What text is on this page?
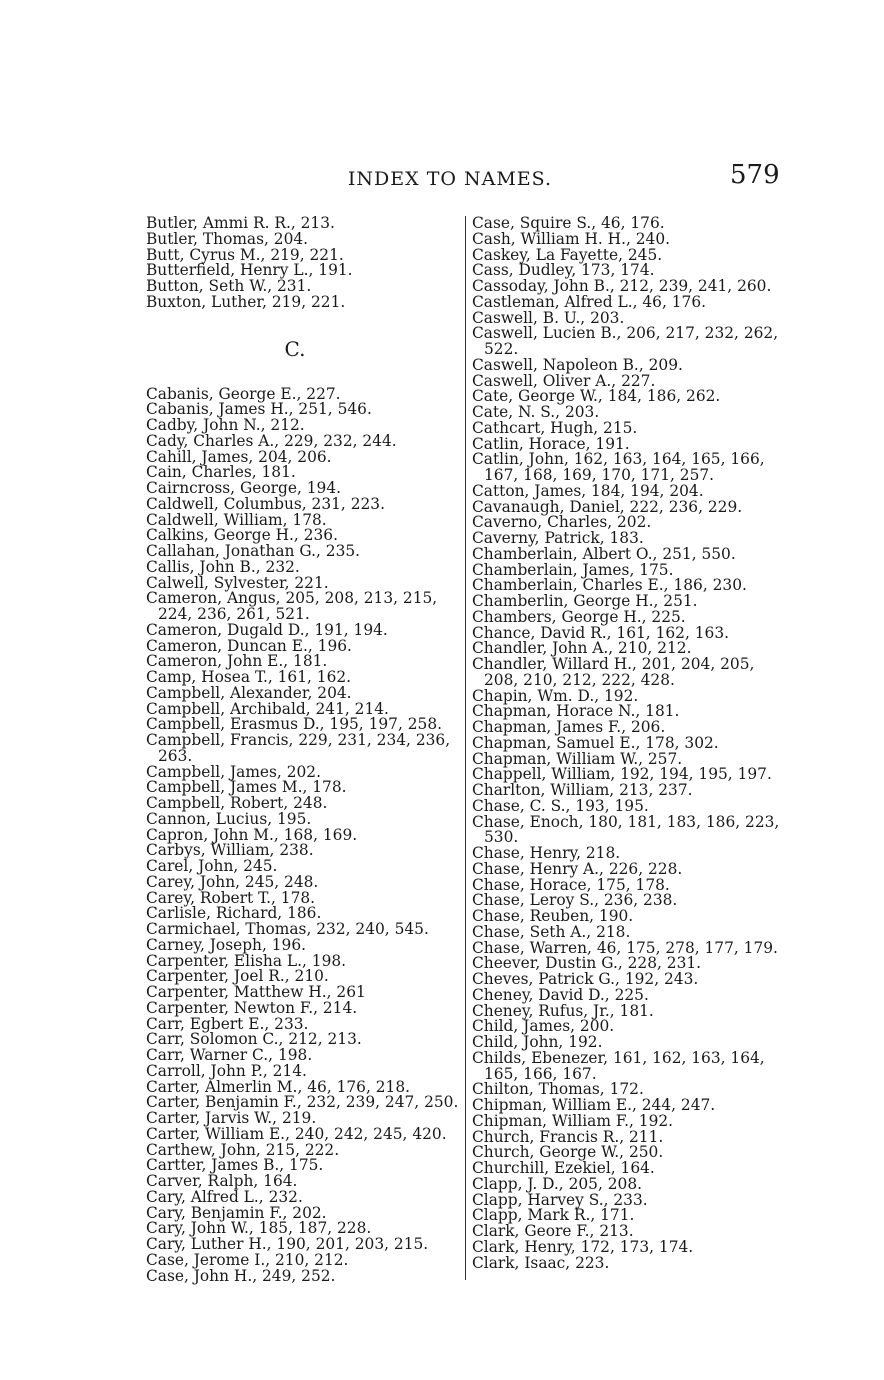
INDEX TO NAMES.	579
Butler, Ammi R. R., 213.
Butler, Thomas, 204.
Butt, Cyrus M., 219, 221.
Butterfield, Henry L., 191.
Button, Seth W., 231.
Buxton, Luther, 219, 221.
C.
Cabanis, George E., 227.
Cabanis, James H., 251, 546.
Cadby, John N., 212.
Cady, Charles A., 229, 232, 244.
Cahill, James, 204, 206.
Cain, Charles, 181.
Cairncross, George, 194.
Caldwell, Columbus, 231, 223.
Caldwell, William, 178.
Calkins, George H., 236.
Callahan, Jonathan G., 235.
Callis, John B., 232.
Calwell, Sylvester, 221.
Cameron, Angus, 205, 208, 213, 215, 224, 236, 261, 521.
Cameron, Dugald D., 191, 194.
Cameron, Duncan E., 196.
Cameron, John E., 181.
Camp, Hosea T., 161, 162.
Campbell, Alexander, 204.
Campbell, Archibald, 241, 214.
Campbell, Erasmus D., 195, 197, 258.
Campbell, Francis, 229, 231, 234, 236, 263.
Campbell, James, 202.
Campbell, James M., 178.
Campbell, Robert, 248.
Cannon, Lucius, 195.
Capron, John M., 168, 169.
Carbys, William, 238.
Carel, John, 245.
Carey, John, 245, 248.
Carey, Robert T., 178.
Carlisle, Richard, 186.
Carmichael, Thomas, 232, 240, 545.
Carney, Joseph, 196.
Carpenter, Elisha L., 198.
Carpenter, Joel R., 210.
Carpenter, Matthew H., 261
Carpenter, Newton F., 214.
Carr, Egbert E., 233.
Carr, Solomon C., 212, 213.
Carr, Warner C., 198.
Carroll, John P., 214.
Carter, Almerlin M., 46, 176, 218.
Carter, Benjamin F., 232, 239, 247, 250.
Carter, Jarvis W., 219.
Carter, William E., 240, 242, 245, 420.
Carthew, John, 215, 222.
Cartter, James B., 175.
Carver, Ralph, 164.
Cary, Alfred L., 232.
Cary, Benjamin F., 202.
Cary, John W., 185, 187, 228.
Cary, Luther H., 190, 201, 203, 215.
Case, Jerome I., 210, 212.
Case, John H., 249, 252.
Case, Squire S., 46, 176.
Cash, William H. H., 240.
Caskey, La Fayette, 245.
Cass, Dudley, 173, 174.
Cassoday, John B., 212, 239, 241, 260.
Castleman, Alfred L., 46, 176.
Caswell, B. U., 203.
Caswell, Lucien B., 206, 217, 232, 262, 522.
Caswell, Napoleon B., 209.
Caswell, Oliver A., 227.
Cate, George W., 184, 186, 262.
Cate, N. S., 203.
Cathcart, Hugh, 215.
Catlin, Horace, 191.
Catlin, John, 162, 163, 164, 165, 166, 167, 168, 169, 170, 171, 257.
Catton, James, 184, 194, 204.
Cavanaugh, Daniel, 222, 236, 229.
Caverno, Charles, 202.
Caverny, Patrick, 183.
Chamberlain, Albert O., 251, 550.
Chamberlain, James, 175.
Chamberlain, Charles E., 186, 230.
Chamberlin, George H., 251.
Chambers, George H., 225.
Chance, David R., 161, 162, 163.
Chandler, John A., 210, 212.
Chandler, Willard H., 201, 204, 205, 208, 210, 212, 222, 428.
Chapin, Wm. D., 192.
Chapman, Horace N., 181.
Chapman, James F., 206.
Chapman, Samuel E., 178, 302.
Chapman, William W., 257.
Chappell, William, 192, 194, 195, 197.
Charlton, William, 213, 237.
Chase, C. S., 193, 195.
Chase, Enoch, 180, 181, 183, 186, 223, 530.
Chase, Henry, 218.
Chase, Henry A., 226, 228.
Chase, Horace, 175, 178.
Chase, Leroy S., 236, 238.
Chase, Reuben, 190.
Chase, Seth A., 218.
Chase, Warren, 46, 175, 278, 177, 179.
Cheever, Dustin G., 228, 231.
Cheves, Patrick G., 192, 243.
Cheney, David D., 225.
Cheney, Rufus, Jr., 181.
Child, James, 200.
Child, John, 192.
Childs, Ebenezer, 161, 162, 163, 164, 165, 166, 167.
Chilton, Thomas, 172.
Chipman, William E., 244, 247.
Chipman, William F., 192.
Church, Francis R., 211.
Church, George W., 250.
Churchill, Ezekiel, 164.
Clapp, J. D., 205, 208.
Clapp, Harvey S., 233.
Clapp, Mark R., 171.
Clark, Geore F., 213.
Clark, Henry, 172, 173, 174.
Clark, Isaac, 223.
